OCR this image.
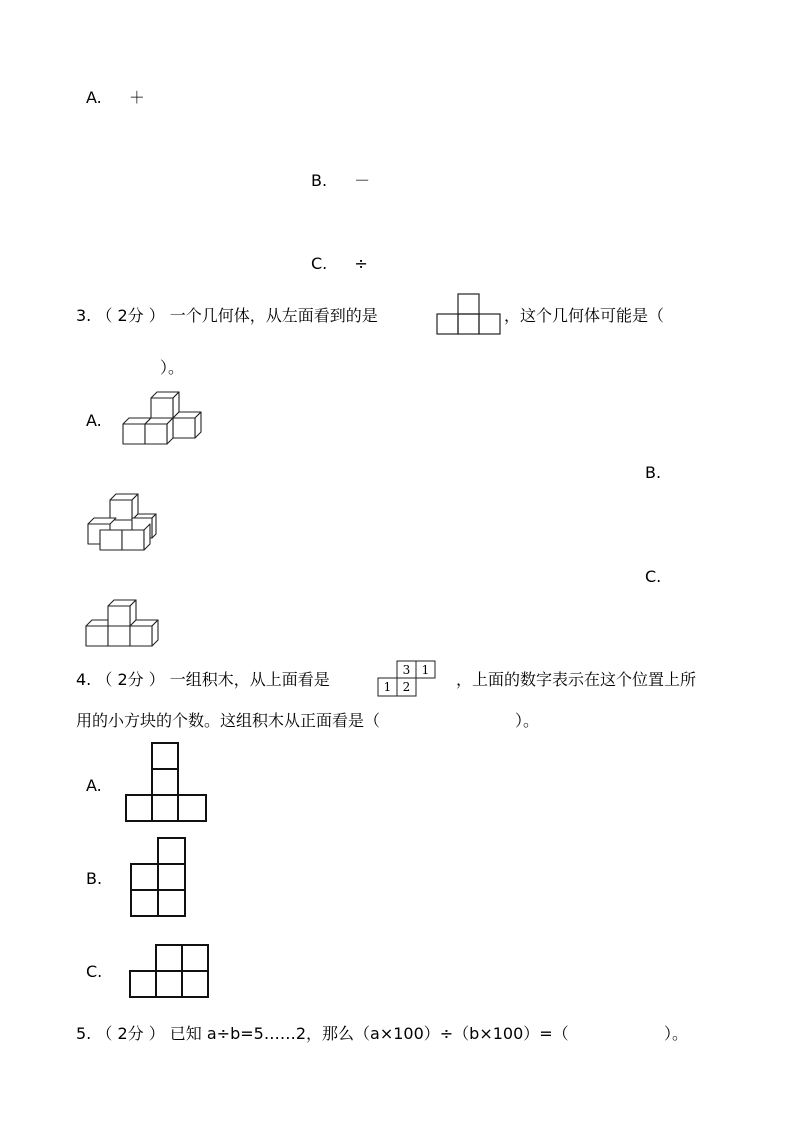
A. ＋
B. －
C. ÷
3. （ 2分 ） 一个几何体，从左面看到的是	，这个几何体可能是（
）。
A.
B.
C.
4. （ 2分 ） 一组积木，从上面看是	3 1
1 2	，上面的数字表示在这个位置上所
用的小方块的个数。这组积木从正面看是（	）。
A.
B.
C.
5. （ 2分 ） 已知 a÷b=5……2，那么（a×100）÷（b×100）=（	）。
